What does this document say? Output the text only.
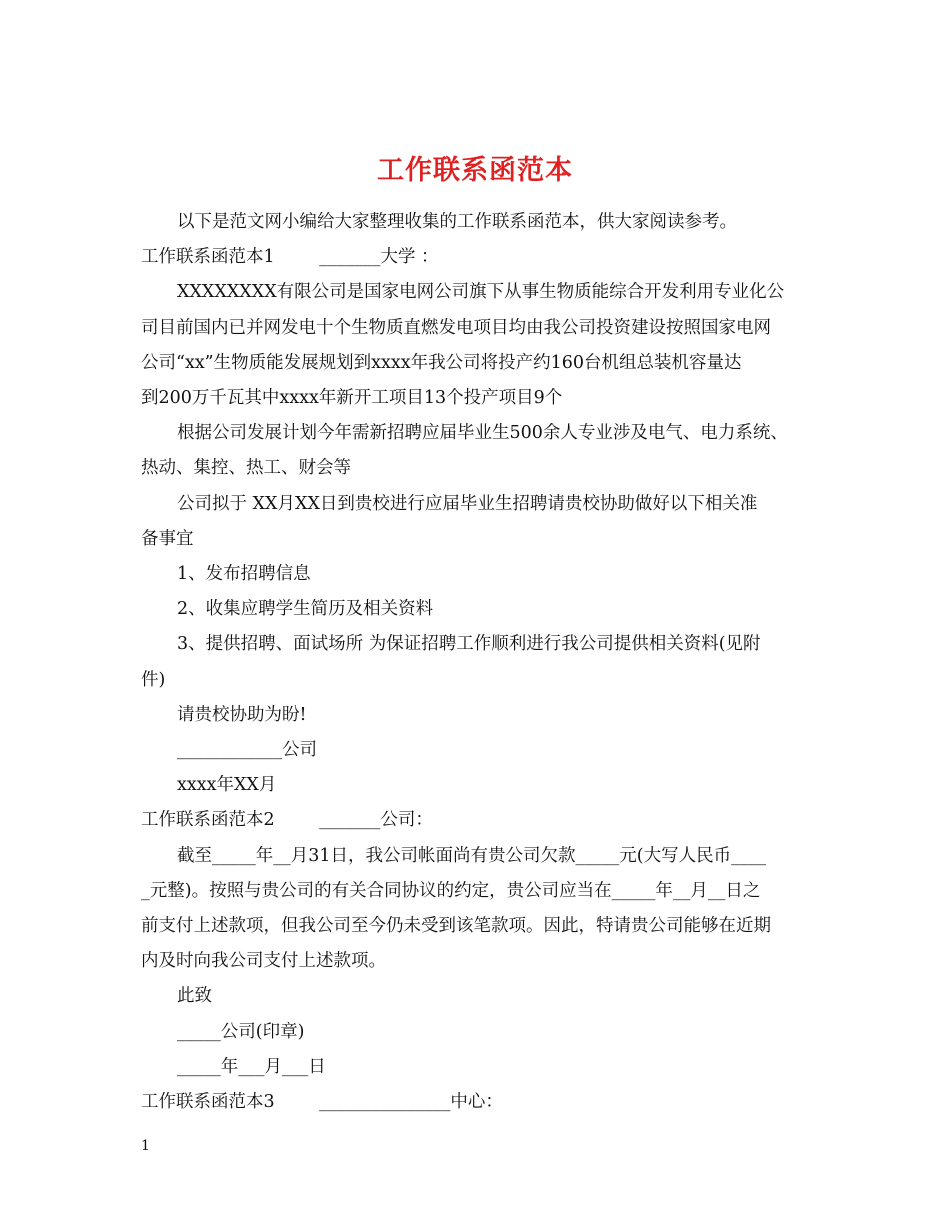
工作联系函范本

以下是范文网小编给大家整理收集的工作联系函范本，供大家阅读参考。

工作联系函范本1        _______大学 ：

XXXXXXXX有限公司是国家电网公司旗下从事生物质能综合开发利用专业化公

司目前国内已并网发电十个生物质直燃发电项目均由我公司投资建设按照国家电网

公司“xx”生物质能发展规划到xxxx年我公司将投产约160台机组总装机容量达

到200万千瓦其中xxxx年新开工项目13个投产项目9个

根据公司发展计划今年需新招聘应届毕业生500余人专业涉及电气、电力系统、

热动、集控、热工、财会等

公司拟于 XX月XX日到贵校进行应届毕业生招聘请贵校协助做好以下相关准

备事宜

1、发布招聘信息

2、收集应聘学生简历及相关资料

3、提供招聘、面试场所 为保证招聘工作顺利进行我公司提供相关资料(见附

件)

请贵校协助为盼!

____________公司

xxxx年XX月

工作联系函范本2        _______公司：

截至_____年__月31日，我公司帐面尚有贵公司欠款_____元(大写人民币____

_元整)。按照与贵公司的有关合同协议的约定，贵公司应当在_____年__月__日之

前支付上述款项，但我公司至今仍未受到该笔款项。因此，特请贵公司能够在近期

内及时向我公司支付上述款项。

此致

_____公司(印章)

_____年___月___日

工作联系函范本3        _______________中心：

1
